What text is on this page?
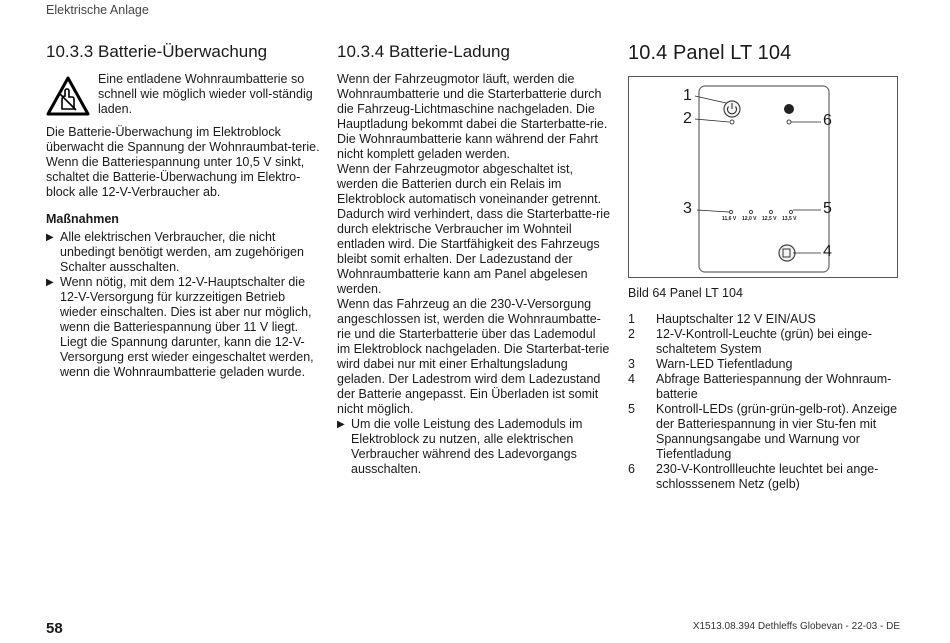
Elektrische Anlage
10.3.3 Batterie-Überwachung

Eine entladene Wohnraumbatterie so schnell wie möglich wieder voll-ständig laden.

Die Batterie-Überwachung im Elektroblock überwacht die Spannung der Wohnraumbat-terie. Wenn die Batteriespannung unter 10,5 V sinkt, schaltet die Batterie-Überwachung im Elektro-block alle 12-V-Verbraucher ab.

Maßnahmen
▶ Alle elektrischen Verbraucher, die nicht unbedingt benötigt werden, am zugehörigen Schalter ausschalten.
▶ Wenn nötig, mit dem 12-V-Hauptschalter die 12-V-Versorgung für kurzzeitigen Betrieb wieder einschalten. Dies ist aber nur möglich, wenn die Batteriespannung über 11 V liegt. Liegt die Spannung darunter, kann die 12-V-Versorgung erst wieder eingeschaltet werden, wenn die Wohnraumbatterie geladen wurde.
10.3.4 Batterie-Ladung

Wenn der Fahrzeugmotor läuft, werden die Wohnraumbatterie und die Starterbatterie durch die Fahrzeug-Lichtmaschine nachgeladen. Die Hauptladung bekommt dabei die Starterbatte-rie. Die Wohnraumbatterie kann während der Fahrt nicht komplett geladen werden.

Wenn der Fahrzeugmotor abgeschaltet ist, werden die Batterien durch ein Relais im Elektroblock automatisch voneinander getrennt. Dadurch wird verhindert, dass die Starterbatte-rie durch elektrische Verbraucher im Wohnteil entladen wird. Die Startfähigkeit des Fahrzeugs bleibt somit erhalten. Der Ladezustand der Wohnraumbatterie kann am Panel abgelesen werden.

Wenn das Fahrzeug an die 230-V-Versorgung angeschlossen ist, werden die Wohnraumbatte-rie und die Starterbatterie über das Lademodul im Elektroblock nachgeladen. Die Starterbat-terie wird dabei nur mit einer Erhaltungsladung geladen. Der Ladestrom wird dem Ladezustand der Batterie angepasst. Ein Überladen ist somit nicht möglich.

▶ Um die volle Leistung des Lademoduls im Elektroblock zu nutzen, alle elektrischen Verbraucher während des Ladevorgangs ausschalten.
10.4 Panel LT 104
1
2
3
4
5
6
11,6 V 12,0 V 12,5 V 13,5 V
Bild 64 Panel LT 104
1	Hauptschalter 12 V EIN/AUS
2	12-V-Kontroll-Leuchte (grün) bei einge-schaltetem System
3	Warn-LED Tiefentladung
4	Abfrage Batteriespannung der Wohnraum-batterie
5	Kontroll-LEDs (grün-grün-gelb-rot). Anzeige der Batteriespannung in vier Stu-fen mit Spannungsangabe und Warnung vor Tiefentladung
6	230-V-Kontrollleuchte leuchtet bei ange-schlosssenem Netz (gelb)
58	X1513.08.394 Dethleffs Globevan - 22-03 - DE
